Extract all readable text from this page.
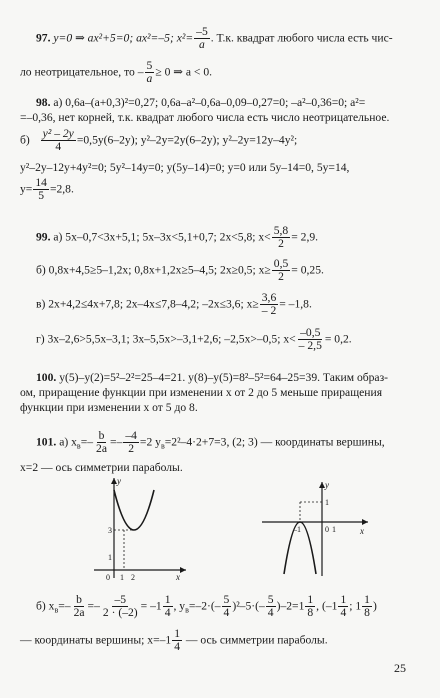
97. y=0 ⇒ ax²+5=0; ax²=–5; $x^2= \frac{-5}{a}$ . Т.к. квадрат любого числа есть чис-
ло неотрицательное, то – $\frac{5}{a} \ge 0$ ⇒ a < 0.
98. а) 0,6a–(a+0,3)²=0,27; 0,6a–a²–0,6a–0,09–0,27=0; –a²–0,36=0; a²=
=–0,36, нет корней, т.к. квадрат любого числа есть число неотрицательное.
$б) \frac{\text{y² – 2y}}{4} =0,5y(6-2y)$; y²–2y=2y(6–2y); y²–2y=12y–4y²;
y²–2y–12y+4y²=0; 5y²–14y=0; y(5y–14)=0; y=0 или 5y–14=0, 5y=14,
$y= \frac{14}{5} =2,8$.
99. а) 5x–0,7<3x+5,1; 5x–3x<5,1+0,7; 2x<5,8; $x< \frac{5,8}{2} = 2,9$.
б) 0,8x+4,5≥5–1,2x; 0,8x+1,2x≥5–4,5; 2x≥0,5; $x\ge \frac{0,5}{2} = 0,25$.
в) 2x+4,2≤4x+7,8; 2x–4x≤7,8–4,2; –2x≤3,6; $x\ge \frac{3,6}{- 2} = -1,8$.
г) 3x–2,6>5,5x–3,1; 3x–5,5x>–3,1+2,6; –2,5x>–0,5; $x< \frac{-0,5}{- 2,5} = 0,2$.
100. y(5)–y(2)=5²–2²=25–4=21. y(8)–y(5)=8²–5²=64–25=39. Таким образ-
ом, приращение функции при изменении x от 2 до 5 меньше приращения
функции при изменении x от 5 до 8.
101. а) $x_в=- \frac{b}{2a} =- \frac{-4}{2} =2$ $y_в=2^2-4\cdot 2+7=3$, (2; 3) — координаты вершины,
x=2 — ось симметрии параболы.
y
x
0 1 2
1
3
y
x
0
–1	1
1
б) $x_в=- \frac{b}{2a} =- \frac{-5}{2 \cdot (-2)} = -1 \frac{1}{4}$ , $y_в=-2\cdot(- \frac{5}{4} )^2-5\cdot(- \frac{5}{4} )-2=1 \frac{1}{8}$ , ($-1 \frac{1}{4}$ ; $1 \frac{1}{8}$ )
— координаты вершины; $x=-1 \frac{1}{4}$ — ось симметрии параболы.
25
